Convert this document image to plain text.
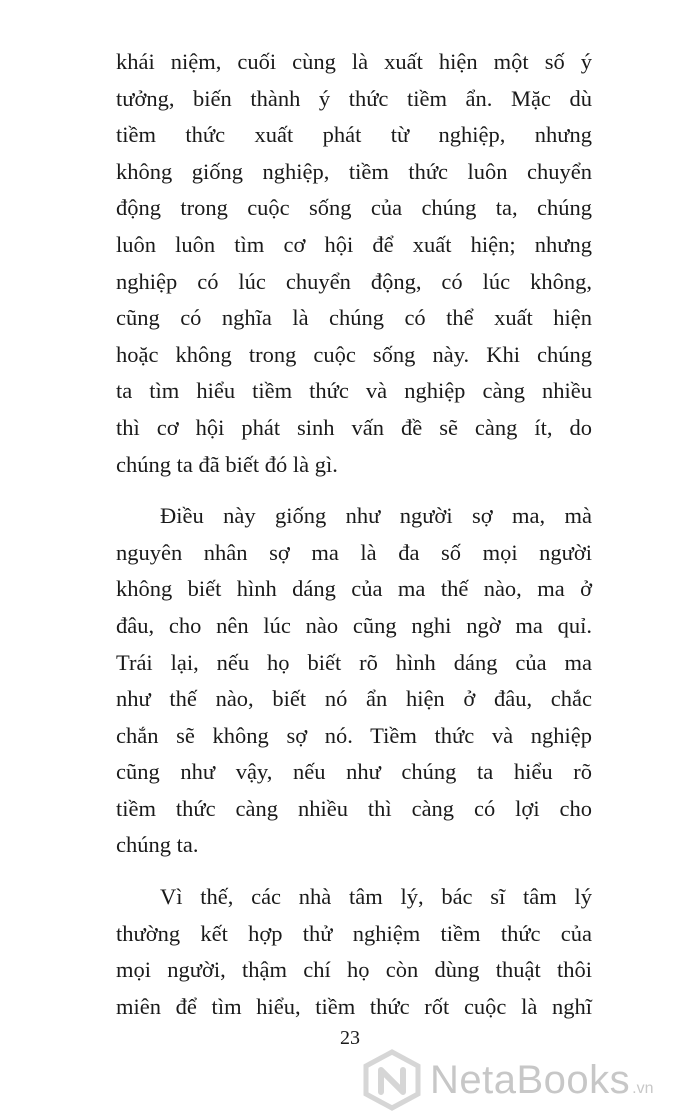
khái niệm, cuối cùng là xuất hiện một số ý
tưởng, biến thành ý thức tiềm ẩn. Mặc dù
tiềm thức xuất phát từ nghiệp, nhưng
không giống nghiệp, tiềm thức luôn chuyển
động trong cuộc sống của chúng ta, chúng
luôn luôn tìm cơ hội để xuất hiện; nhưng
nghiệp có lúc chuyển động, có lúc không,
cũng có nghĩa là chúng có thể xuất hiện
hoặc không trong cuộc sống này. Khi chúng
ta tìm hiểu tiềm thức và nghiệp càng nhiều
thì cơ hội phát sinh vấn đề sẽ càng ít, do
chúng ta đã biết đó là gì.

Điều này giống như người sợ ma, mà
nguyên nhân sợ ma là đa số mọi người
không biết hình dáng của ma thế nào, ma ở
đâu, cho nên lúc nào cũng nghi ngờ ma quỉ.
Trái lại, nếu họ biết rõ hình dáng của ma
như thế nào, biết nó ẩn hiện ở đâu, chắc
chắn sẽ không sợ nó. Tiềm thức và nghiệp
cũng như vậy, nếu như chúng ta hiểu rõ
tiềm thức càng nhiều thì càng có lợi cho
chúng ta.

Vì thế, các nhà tâm lý, bác sĩ tâm lý
thường kết hợp thử nghiệm tiềm thức của
mọi người, thậm chí họ còn dùng thuật thôi
miên để tìm hiểu, tiềm thức rốt cuộc là nghĩ

23
NetaBooks .vn
